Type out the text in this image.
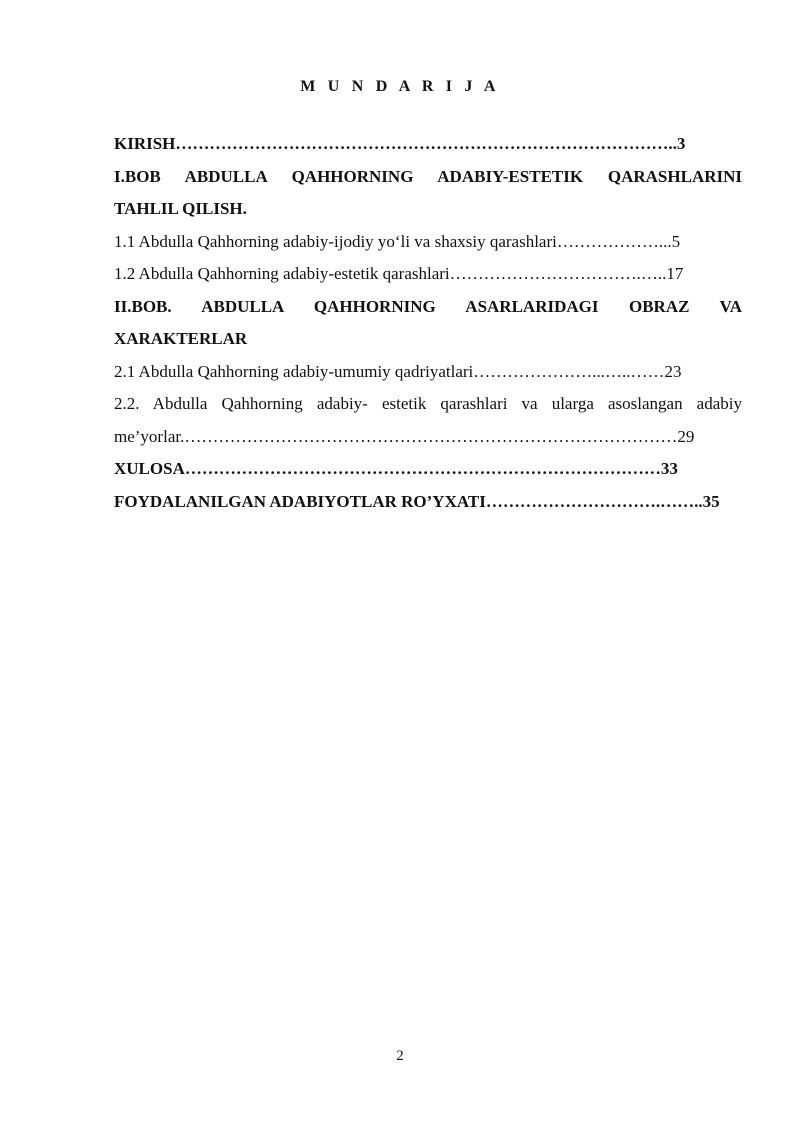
M U N D A R I J A
KIRISH……………………………………………………………………………..3
I.BOB ABDULLA QAHHORNING ADABIY-ESTETIK QARASHLARINI
TAHLIL QILISH.
1.1 Abdulla Qahhorning adabiy-ijodiy yo‘li va shaxsiy qarashlari………………...5
1.2 Abdulla Qahhorning adabiy-estetik qarashlari…………………………….…..17
II.BOB. ABDULLA QAHHORNING ASARLARIDAGI OBRAZ VA
XARAKTERLAR
2.1 Abdulla Qahhorning adabiy-umumiy qadriyatlari…………………...…..……23
2.2. Abdulla Qahhorning adabiy- estetik qarashlari va ularga asoslangan adabiy
me’yorlar.……………………………………………………………………………29
XULOSA…………………………………………………………………………33
FOYDALANILGAN ADABIYOTLAR RO’YXATI………………………….……..35
2
